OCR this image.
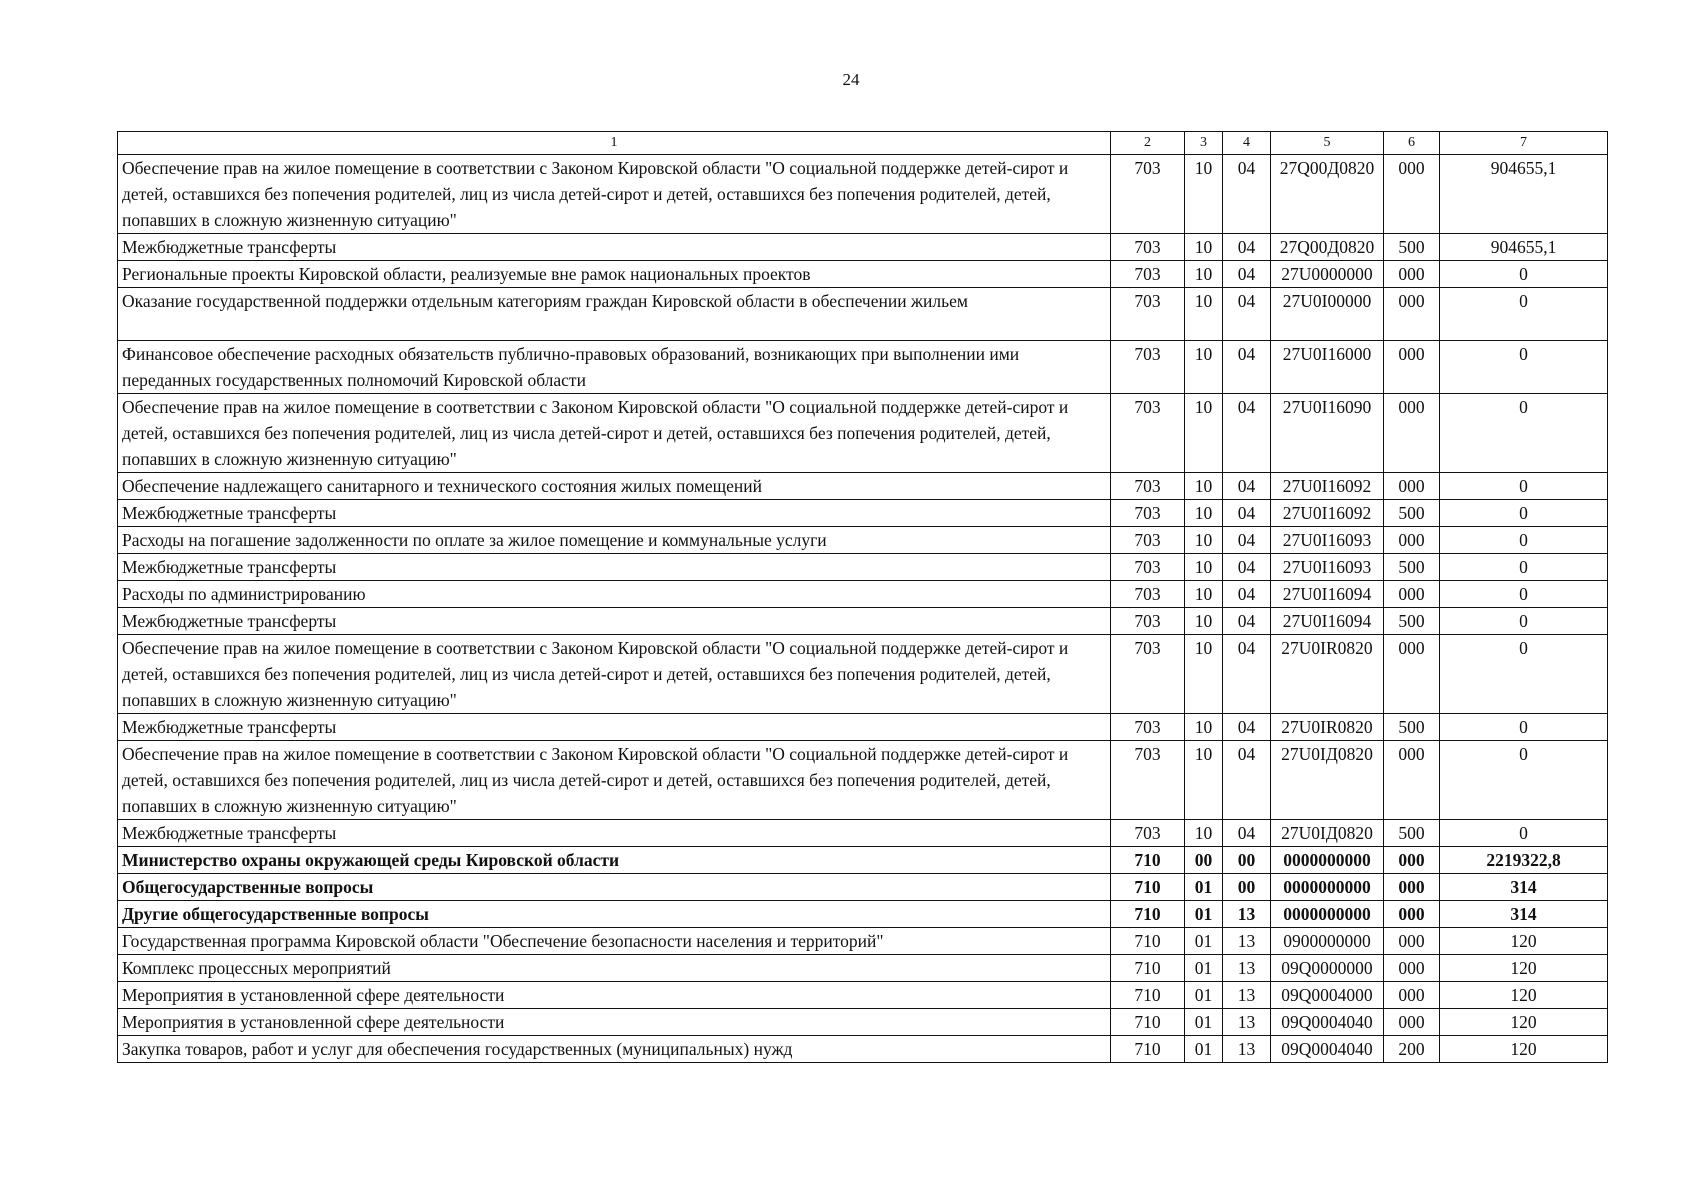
24
1	2	3	4	5	6	7
Обеспечение прав на жилое помещение в соответствии с Законом Кировской области "О социальной поддержке детей-сирот и детей, оставшихся без попечения родителей, лиц из числа детей-сирот и детей, оставшихся без попечения родителей, детей, попавших в сложную жизненную ситуацию"	703	10	04	27Q00Д0820	000	904655,1
Межбюджетные трансферты	703	10	04	27Q00Д0820	500	904655,1
Региональные проекты Кировской области, реализуемые вне рамок национальных проектов	703	10	04	27U0000000	000	0
Оказание государственной поддержки отдельным категориям граждан Кировской области в обеспечении жильем	703	10	04	27U0I00000	000	0
Финансовое обеспечение расходных обязательств публично-правовых образований, возникающих при выполнении ими переданных государственных полномочий Кировской области	703	10	04	27U0I16000	000	0
Обеспечение прав на жилое помещение в соответствии с Законом Кировской области "О социальной поддержке детей-сирот и детей, оставшихся без попечения родителей, лиц из числа детей-сирот и детей, оставшихся без попечения родителей, детей, попавших в сложную жизненную ситуацию"	703	10	04	27U0I16090	000	0
Обеспечение надлежащего санитарного и технического состояния жилых помещений	703	10	04	27U0I16092	000	0
Межбюджетные трансферты	703	10	04	27U0I16092	500	0
Расходы на погашение задолженности по оплате за жилое помещение и коммунальные услуги	703	10	04	27U0I16093	000	0
Межбюджетные трансферты	703	10	04	27U0I16093	500	0
Расходы по администрированию	703	10	04	27U0I16094	000	0
Межбюджетные трансферты	703	10	04	27U0I16094	500	0
Обеспечение прав на жилое помещение в соответствии с Законом Кировской области "О социальной поддержке детей-сирот и детей, оставшихся без попечения родителей, лиц из числа детей-сирот и детей, оставшихся без попечения родителей, детей, попавших в сложную жизненную ситуацию"	703	10	04	27U0IR0820	000	0
Межбюджетные трансферты	703	10	04	27U0IR0820	500	0
Обеспечение прав на жилое помещение в соответствии с Законом Кировской области "О социальной поддержке детей-сирот и детей, оставшихся без попечения родителей, лиц из числа детей-сирот и детей, оставшихся без попечения родителей, детей, попавших в сложную жизненную ситуацию"	703	10	04	27U0IД0820	000	0
Межбюджетные трансферты	703	10	04	27U0IД0820	500	0
Министерство охраны окружающей среды Кировской области	710	00	00	0000000000	000	2219322,8
Общегосударственные вопросы	710	01	00	0000000000	000	314
Другие общегосударственные вопросы	710	01	13	0000000000	000	314
Государственная программа Кировской области "Обеспечение безопасности населения и территорий"	710	01	13	0900000000	000	120
Комплекс процессных мероприятий	710	01	13	09Q0000000	000	120
Мероприятия в установленной сфере деятельности	710	01	13	09Q0004000	000	120
Мероприятия в установленной сфере деятельности	710	01	13	09Q0004040	000	120
Закупка товаров, работ и услуг для обеспечения государственных (муниципальных) нужд	710	01	13	09Q0004040	200	120
